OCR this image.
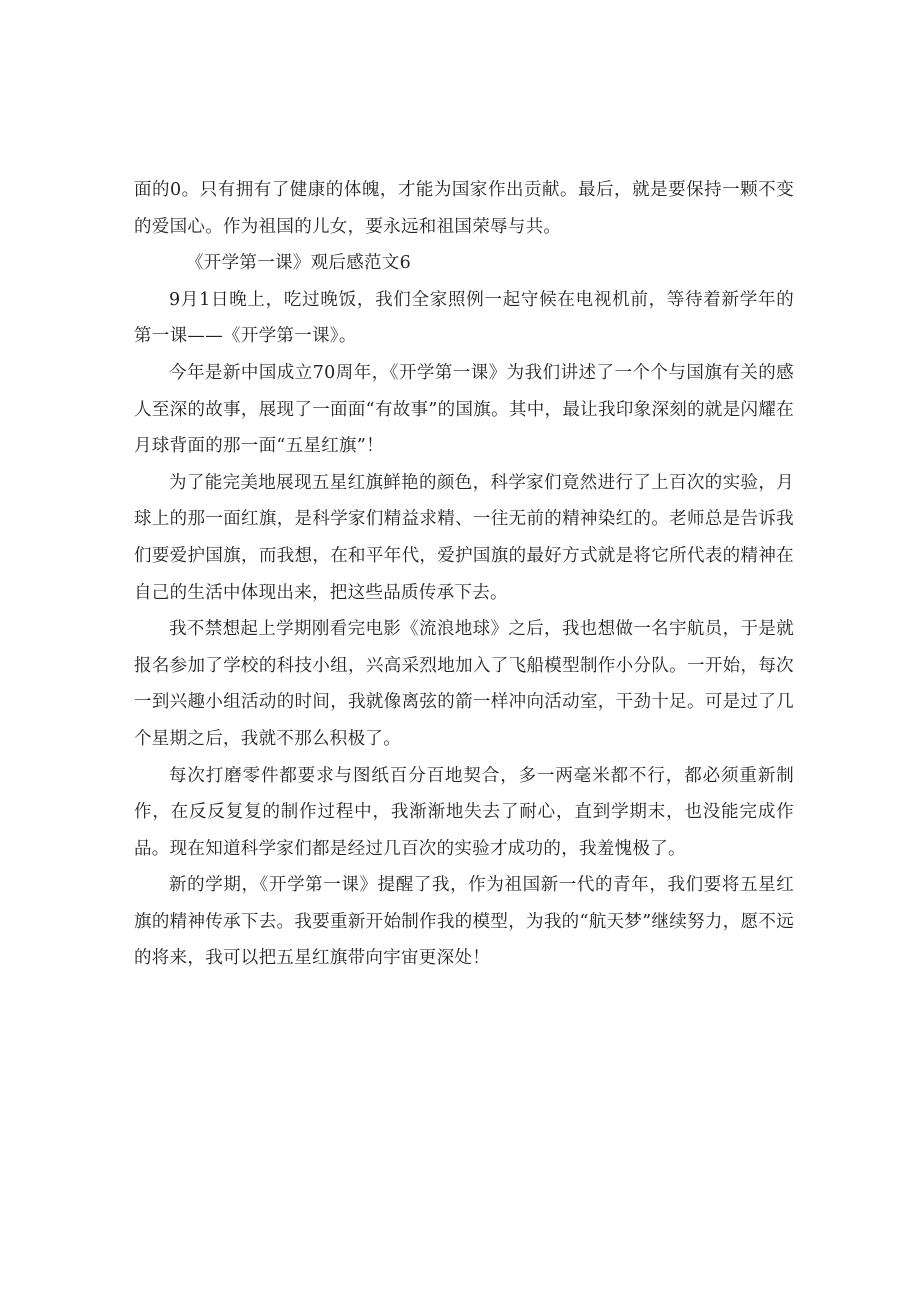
面的0。只有拥有了健康的体魄，才能为国家作出贡献。最后，就是要保持一颗不变的爱国心。作为祖国的儿女，要永远和祖国荣辱与共。

《开学第一课》观后感范文6

9月1日晚上，吃过晚饭，我们全家照例一起守候在电视机前，等待着新学年的第一课——《开学第一课》。

今年是新中国成立70周年，《开学第一课》为我们讲述了一个个与国旗有关的感人至深的故事，展现了一面面“有故事”的国旗。其中，最让我印象深刻的就是闪耀在月球背面的那一面“五星红旗”！

为了能完美地展现五星红旗鲜艳的颜色，科学家们竟然进行了上百次的实验，月球上的那一面红旗，是科学家们精益求精、一往无前的精神染红的。老师总是告诉我们要爱护国旗，而我想，在和平年代，爱护国旗的最好方式就是将它所代表的精神在自己的生活中体现出来，把这些品质传承下去。

我不禁想起上学期刚看完电影《流浪地球》之后，我也想做一名宇航员，于是就报名参加了学校的科技小组，兴高采烈地加入了飞船模型制作小分队。一开始，每次一到兴趣小组活动的时间，我就像离弦的箭一样冲向活动室，干劲十足。可是过了几个星期之后，我就不那么积极了。

每次打磨零件都要求与图纸百分百地契合，多一两毫米都不行，都必须重新制作，在反反复复的制作过程中，我渐渐地失去了耐心，直到学期末，也没能完成作品。现在知道科学家们都是经过几百次的实验才成功的，我羞愧极了。

新的学期，《开学第一课》提醒了我，作为祖国新一代的青年，我们要将五星红旗的精神传承下去。我要重新开始制作我的模型，为我的“航天梦”继续努力，愿不远的将来，我可以把五星红旗带向宇宙更深处！
